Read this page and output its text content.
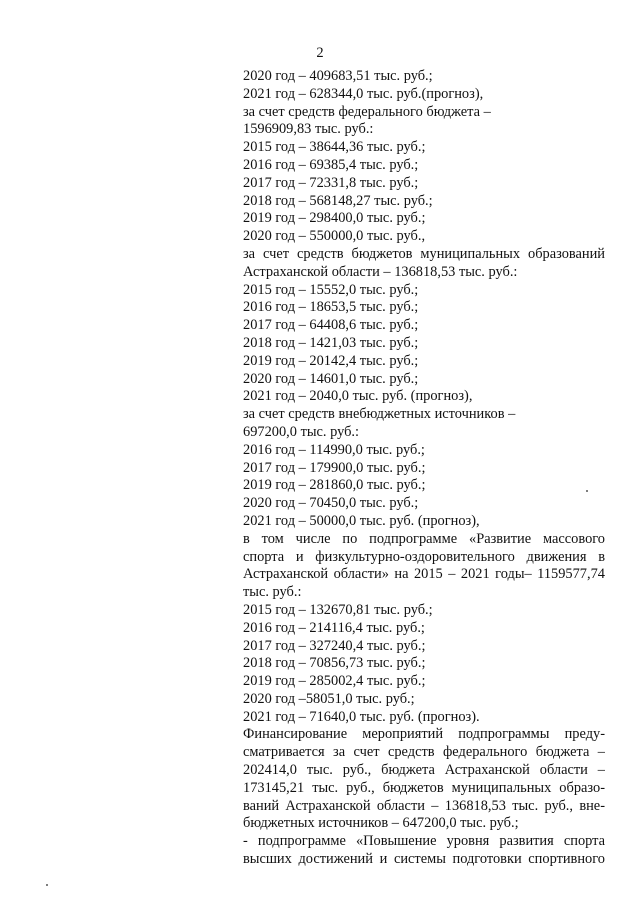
2
2020 год – 409683,51 тыс. руб.;
2021 год – 628344,0 тыс. руб.(прогноз),
за счет средств федерального бюджета –
1596909,83 тыс. руб.:
2015 год – 38644,36 тыс. руб.;
2016 год – 69385,4 тыс. руб.;
2017 год – 72331,8 тыс. руб.;
2018 год – 568148,27 тыс. руб.;
2019 год – 298400,0 тыс. руб.;
2020 год – 550000,0 тыс. руб.,
за счет средств бюджетов муниципальных образований
Астраханской области – 136818,53 тыс. руб.:
2015 год – 15552,0 тыс. руб.;
2016 год – 18653,5 тыс. руб.;
2017 год – 64408,6 тыс. руб.;
2018 год – 1421,03 тыс. руб.;
2019 год – 20142,4 тыс. руб.;
2020 год – 14601,0 тыс. руб.;
2021 год – 2040,0 тыс. руб. (прогноз),
за счет средств внебюджетных источников –
697200,0 тыс. руб.:
2016 год – 114990,0 тыс. руб.;
2017 год – 179900,0 тыс. руб.;
2019 год – 281860,0 тыс. руб.;
2020 год – 70450,0 тыс. руб.;
2021 год – 50000,0 тыс. руб. (прогноз),
в том числе по подпрограмме «Развитие массового
спорта и физкультурно-оздоровительного движения в
Астраханской области» на 2015 – 2021 годы– 1159577,74
тыс. руб.:
2015 год – 132670,81 тыс. руб.;
2016 год – 214116,4 тыс. руб.;
2017 год – 327240,4 тыс. руб.;
2018 год – 70856,73 тыс. руб.;
2019 год – 285002,4 тыс. руб.;
2020 год –58051,0 тыс. руб.;
2021 год – 71640,0 тыс. руб. (прогноз).
Финансирование мероприятий подпрограммы преду-
сматривается за счет средств федерального бюджета –
202414,0 тыс. руб., бюджета Астраханской области –
173145,21 тыс. руб., бюджетов муниципальных образо-
ваний Астраханской области – 136818,53 тыс. руб., вне-
бюджетных источников – 647200,0 тыс. руб.;
- подпрограмме «Повышение уровня развития спорта
высших достижений и системы подготовки спортивного
